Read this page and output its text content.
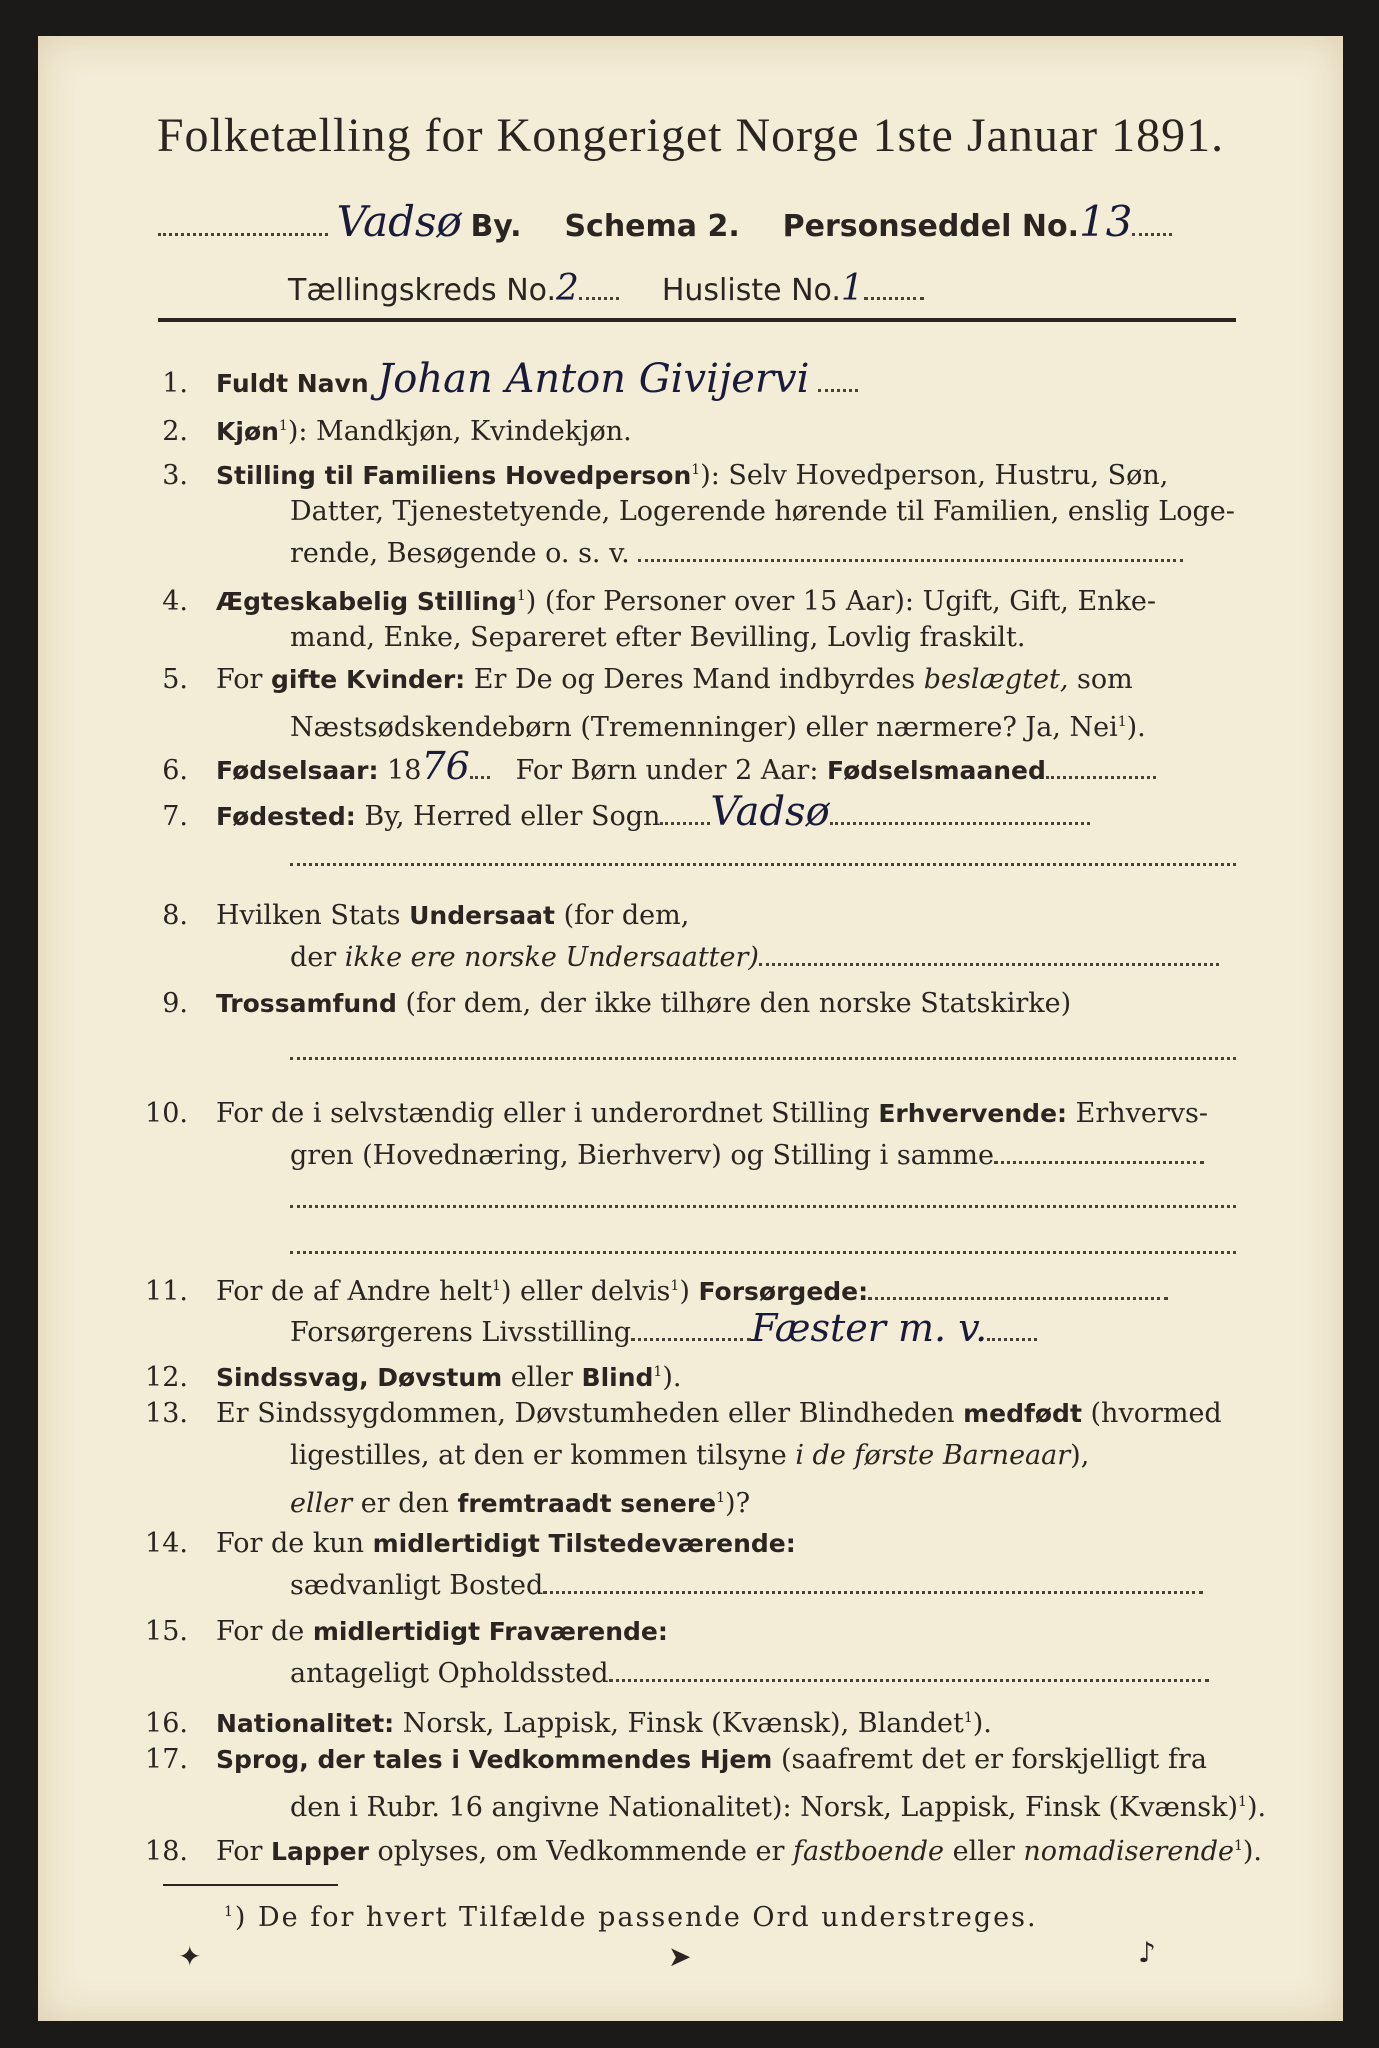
Folketælling for Kongeriget Norge 1ste Januar 1891.
Vadsø By. Schema 2. Personseddel No.13
Tællingskreds No.2	Husliste No.1
1. Fuldt Navn Johan Anton Givijervi
2. Kjøn$^1$): Mandkjøn, Kvindekjøn.
3. Stilling til Familiens Hovedperson$^1$): Selv Hovedperson, Hustru, Søn,
Datter, Tjenestetyende, Logerende hørende til Familien, enslig Loge-
rende, Besøgende o. s. v.
4. Ægteskabelig Stilling$^1$) (for Personer over 15 Aar): Ugift, Gift, Enke-
mand, Enke, Separeret efter Bevilling, Lovlig fraskilt.
5. For gifte Kvinder: Er De og Deres Mand indbyrdes beslægtet, som
Næstsødskendebørn (Tremenninger) eller nærmere? Ja, Nei$^1$).
6. Fødselsaar: 1876 For Børn under 2 Aar: Fødselsmaaned
7. Fødested: By, Herred eller Sogn Vadsø
8. Hvilken Stats Undersaat (for dem,
der ikke ere norske Undersaatter)
9. Trossamfund (for dem, der ikke tilhøre den norske Statskirke)
10. For de i selvstændig eller i underordnet Stilling Erhvervende: Erhvervs-
gren (Hovednæring, Bierhverv) og Stilling i samme
11. For de af Andre helt$^1$) eller delvis$^1$) Forsørgede:
Forsørgerens Livsstilling	Fæster m. v.
12. Sindssvag, Døvstum eller Blind$^1$).
13. Er Sindssygdommen, Døvstumheden eller Blindheden medfødt (hvormed
ligestilles, at den er kommen tilsyne i de første Barneaar),
eller er den fremtraadt senere$^1$)?
14. For de kun midlertidigt Tilstedeværende:
sædvanligt Bosted
15. For de midlertidigt Fraværende:
antageligt Opholdssted
16. Nationalitet: Norsk, Lappisk, Finsk (Kvænsk), Blandet$^1$).
17. Sprog, der tales i Vedkommendes Hjem (saafremt det er forskjelligt fra
den i Rubr. 16 angivne Nationalitet): Norsk, Lappisk, Finsk (Kvænsk)$^1$).
18. For Lapper oplyses, om Vedkommende er fastboende eller nomadiserende$^1$).
$^1$) De for hvert Tilfælde passende Ord understreges.
✦	➤	♪
